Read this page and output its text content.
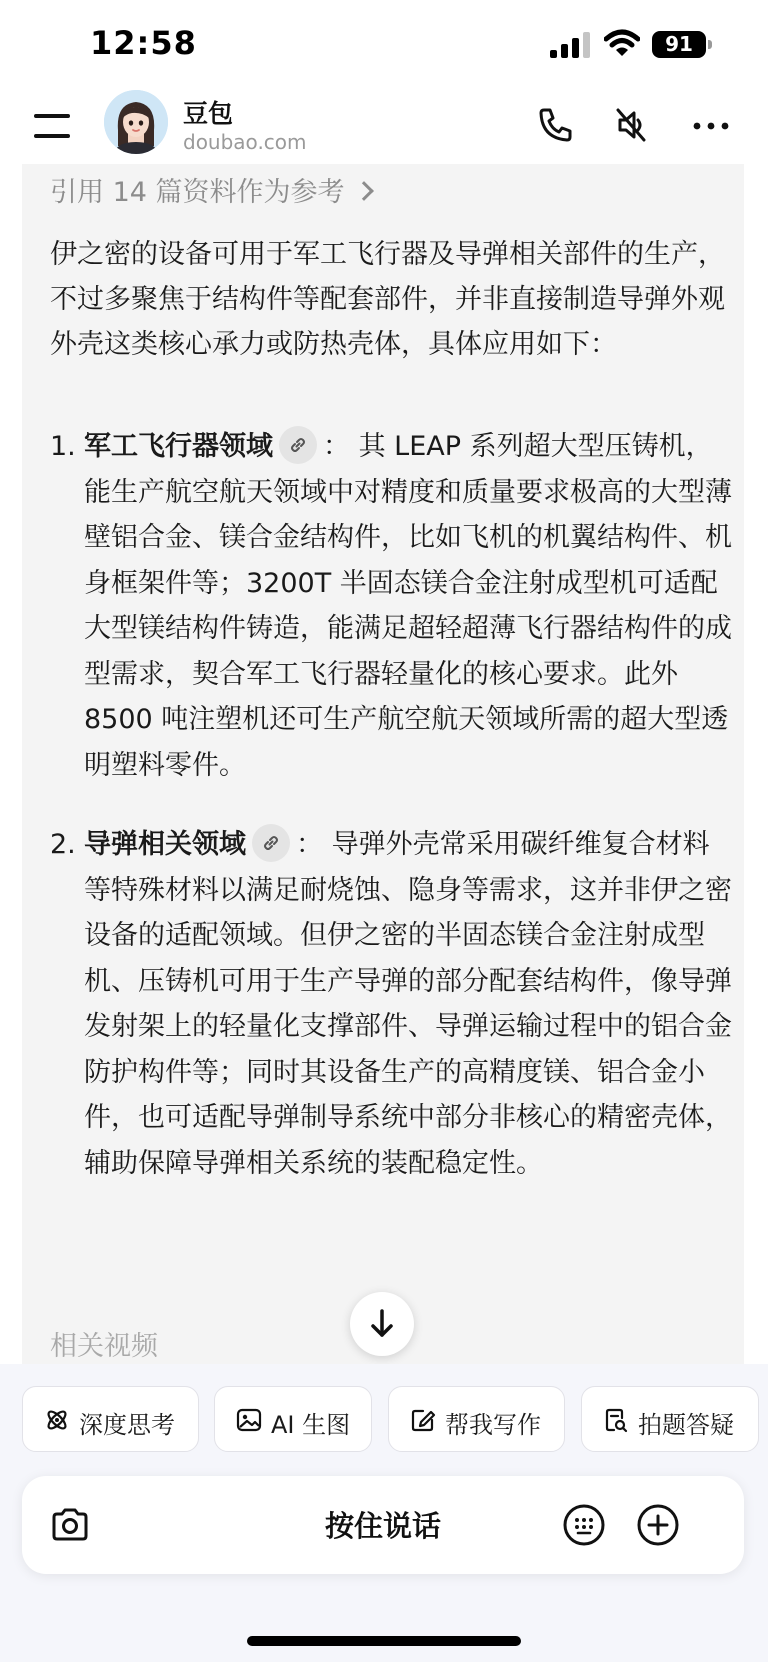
12:58	91
豆包
doubao.com
引用 14 篇资料作为参考
伊之密的设备可用于军工飞行器及导弹相关部件的生产，不过多聚焦于结构件等配套部件，并非直接制造导弹外观外壳这类核心承力或防热壳体，具体应用如下：
1. 军工飞行器领域 ： 其 LEAP 系列超大型压铸机，能生产航空航天领域中对精度和质量要求极高的大型薄壁铝合金、镁合金结构件，比如飞机的机翼结构件、机身框架件等；3200T 半固态镁合金注射成型机可适配大型镁结构件铸造，能满足超轻超薄飞行器结构件的成型需求，契合军工飞行器轻量化的核心要求。此外 8500 吨注塑机还可生产航空航天领域所需的超大型透明塑料零件。
2. 导弹相关领域 ： 导弹外壳常采用碳纤维复合材料等特殊材料以满足耐烧蚀、隐身等需求，这并非伊之密设备的适配领域。但伊之密的半固态镁合金注射成型机、压铸机可用于生产导弹的部分配套结构件，像导弹发射架上的轻量化支撑部件、导弹运输过程中的铝合金防护构件等；同时其设备生产的高精度镁、铝合金小件，也可适配导弹制导系统中部分非核心的精密壳体，辅助保障导弹相关系统的装配稳定性。
相关视频
深度思考	AI 生图	帮我写作	拍题答疑
按住说话
